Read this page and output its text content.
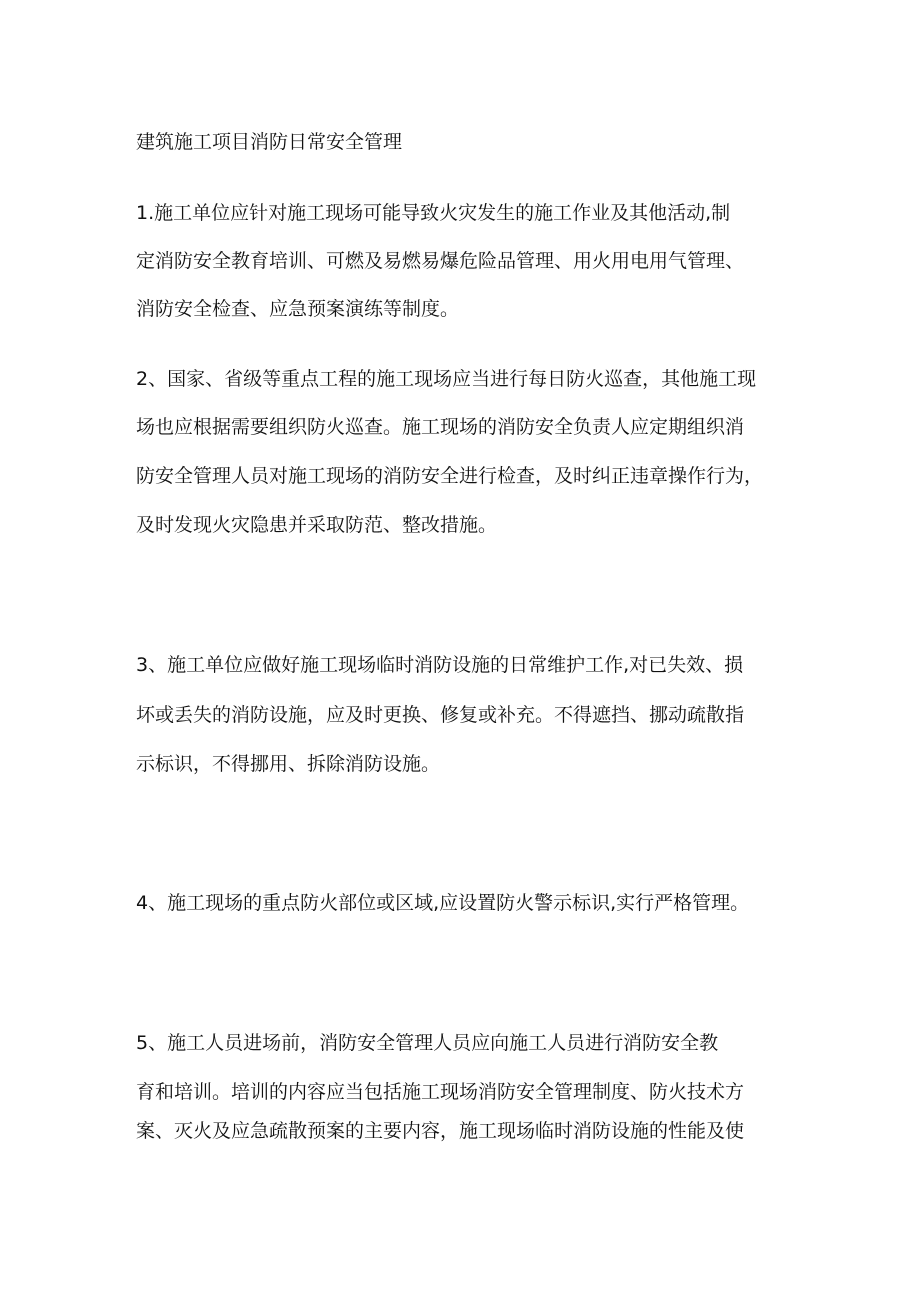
建筑施工项目消防日常安全管理
1.施工单位应针对施工现场可能导致火灾发生的施工作业及其他活动,制
定消防安全教育培训、可燃及易燃易爆危险品管理、用火用电用气管理、
消防安全检查、应急预案演练等制度。
2、国家、省级等重点工程的施工现场应当进行每日防火巡查，其他施工现
场也应根据需要组织防火巡查。施工现场的消防安全负责人应定期组织消
防安全管理人员对施工现场的消防安全进行检查，及时纠正违章操作行为，
及时发现火灾隐患并采取防范、整改措施。
3、施工单位应做好施工现场临时消防设施的日常维护工作,对已失效、损
坏或丢失的消防设施，应及时更换、修复或补充。不得遮挡、挪动疏散指
示标识，不得挪用、拆除消防设施。
4、施工现场的重点防火部位或区域,应设置防火警示标识,实行严格管理。
5、施工人员进场前，消防安全管理人员应向施工人员进行消防安全教
育和培训。培训的内容应当包括施工现场消防安全管理制度、防火技术方
案、灭火及应急疏散预案的主要内容，施工现场临时消防设施的性能及使
